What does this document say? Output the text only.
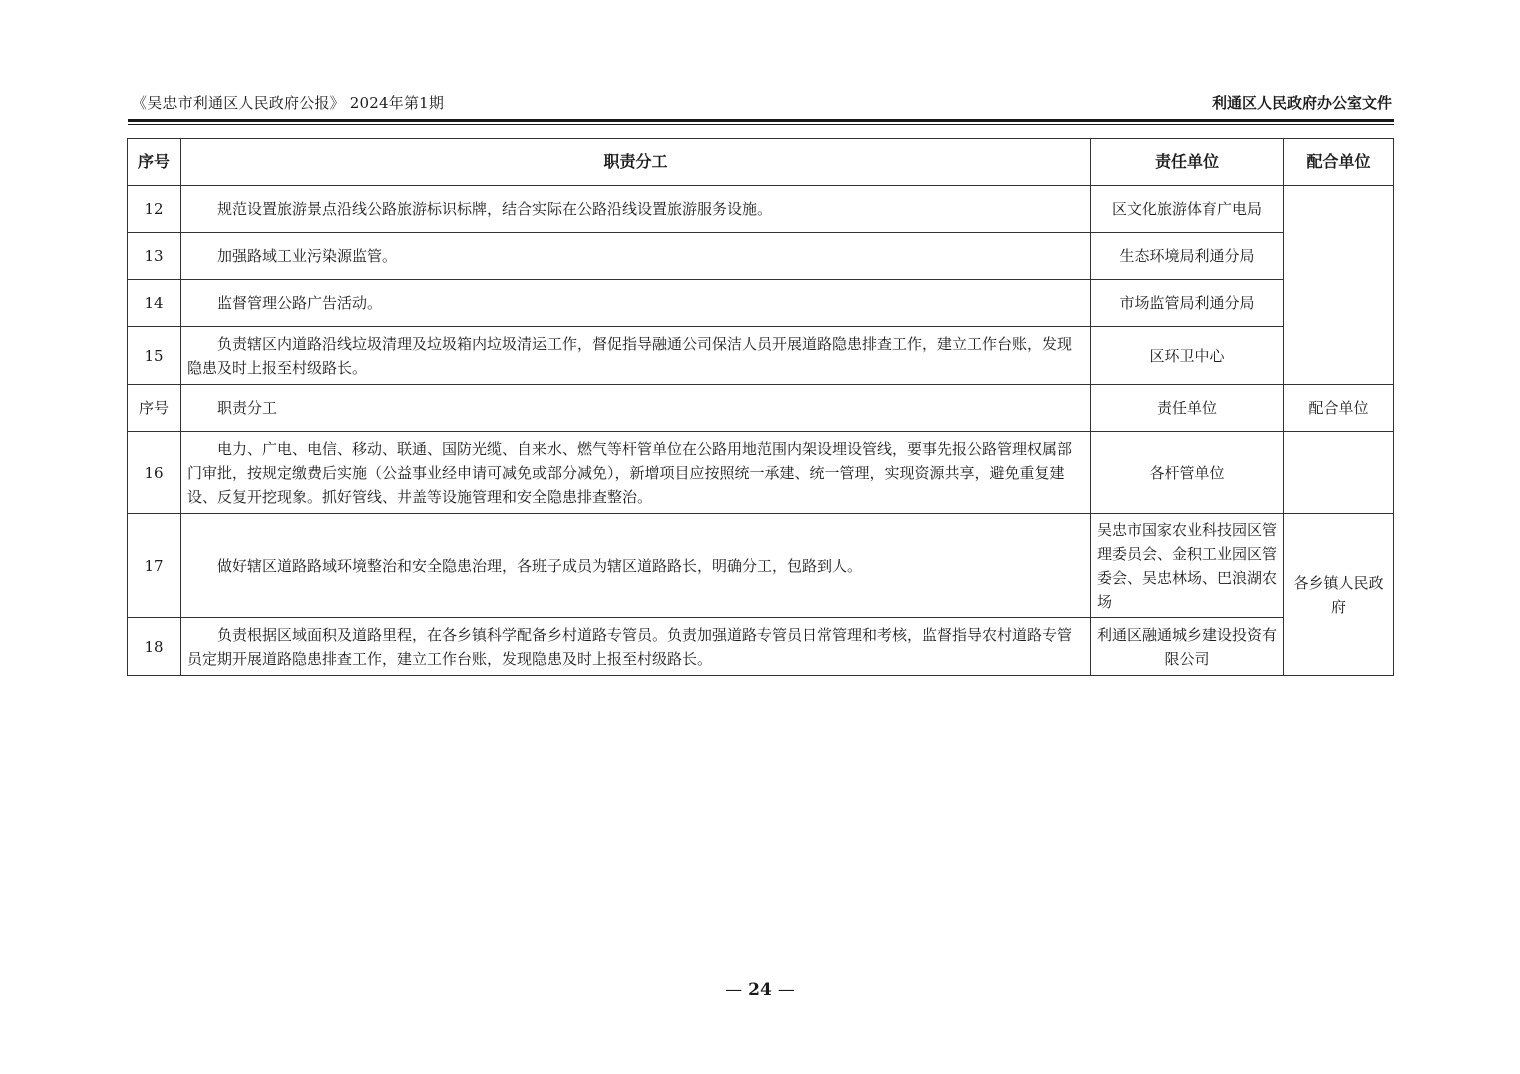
《吴忠市利通区人民政府公报》 2024年第1期	利通区人民政府办公室文件
序号	职责分工	责任单位	配合单位
12	规范设置旅游景点沿线公路旅游标识标牌，结合实际在公路沿线设置旅游服务设施。	区文化旅游体育广电局	
13	加强路域工业污染源监管。	生态环境局利通分局	
14	监督管理公路广告活动。	市场监管局利通分局	
15	负责辖区内道路沿线垃圾清理及垃圾箱内垃圾清运工作，督促指导融通公司保洁人员开展道路隐患排查工作，建立工作台账，发现隐患及时上报至村级路长。	区环卫中心	
序号	职责分工	责任单位	配合单位
16	电力、广电、电信、移动、联通、国防光缆、自来水、燃气等杆管单位在公路用地范围内架设埋设管线，要事先报公路管理权属部门审批，按规定缴费后实施（公益事业经申请可减免或部分减免），新增项目应按照统一承建、统一管理，实现资源共享，避免重复建设、反复开挖现象。抓好管线、井盖等设施管理和安全隐患排查整治。	各杆管单位	
17	做好辖区道路路域环境整治和安全隐患治理，各班子成员为辖区道路路长，明确分工，包路到人。	吴忠市国家农业科技园区管理委员会、金积工业园区管委会、吴忠林场、巴浪湖农场	各乡镇人民政府
18	负责根据区域面积及道路里程，在各乡镇科学配备乡村道路专管员。负责加强道路专管员日常管理和考核，监督指导农村道路专管员定期开展道路隐患排查工作，建立工作台账，发现隐患及时上报至村级路长。	利通区融通城乡建设投资有限公司	
— 24 —
